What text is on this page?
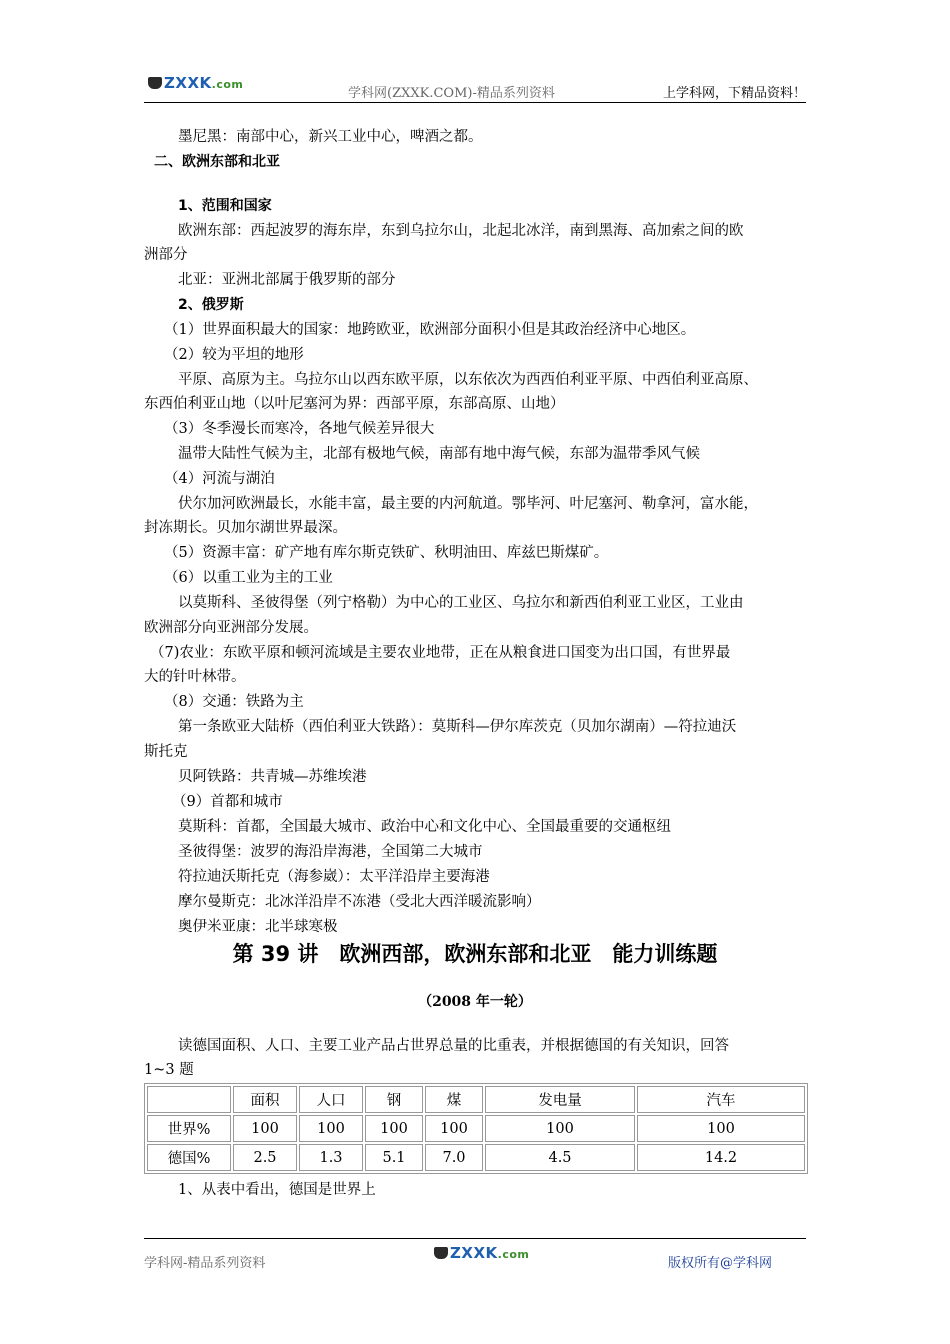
ZXXK.com
学科网(ZXXK.COM)-精品系列资料	上学科网，下精品资料！
墨尼黑：南部中心，新兴工业中心，啤酒之都。
二、欧洲东部和北亚
1、范围和国家
欧洲东部：西起波罗的海东岸，东到乌拉尔山，北起北冰洋，南到黑海、高加索之间的欧
洲部分
北亚：亚洲北部属于俄罗斯的部分
2、俄罗斯
（1）世界面积最大的国家：地跨欧亚，欧洲部分面积小但是其政治经济中心地区。
（2）较为平坦的地形
平原、高原为主。乌拉尔山以西东欧平原，以东依次为西西伯利亚平原、中西伯利亚高原、
东西伯利亚山地（以叶尼塞河为界：西部平原，东部高原、山地）
（3）冬季漫长而寒冷，各地气候差异很大
温带大陆性气候为主，北部有极地气候，南部有地中海气候，东部为温带季风气候
（4）河流与湖泊
伏尔加河欧洲最长，水能丰富，最主要的内河航道。鄂毕河、叶尼塞河、勒拿河，富水能，
封冻期长。贝加尔湖世界最深。
（5）资源丰富：矿产地有库尔斯克铁矿、秋明油田、库兹巴斯煤矿。
（6）以重工业为主的工业
以莫斯科、圣彼得堡（列宁格勒）为中心的工业区、乌拉尔和新西伯利亚工业区，工业由
欧洲部分向亚洲部分发展。
（7)农业：东欧平原和顿河流域是主要农业地带，正在从粮食进口国变为出口国，有世界最
大的针叶林带。
（8）交通：铁路为主
第一条欧亚大陆桥（西伯利亚大铁路）：莫斯科—伊尔库茨克（贝加尔湖南）—符拉迪沃
斯托克
贝阿铁路：共青城—苏维埃港
（9）首都和城市
莫斯科：首都，全国最大城市、政治中心和文化中心、全国最重要的交通枢纽
圣彼得堡：波罗的海沿岸海港，全国第二大城市
符拉迪沃斯托克（海参崴）：太平洋沿岸主要海港
摩尔曼斯克：北冰洋沿岸不冻港（受北大西洋暖流影响）
奥伊米亚康：北半球寒极
第 39 讲　欧洲西部，欧洲东部和北亚　能力训练题
（2008 年一轮）
读德国面积、人口、主要工业产品占世界总量的比重表，并根据德国的有关知识，回答
1~3 题
	面积	人口	钢	煤	发电量	汽车
世界%	100	100	100	100	100	100
德国%	2.5	1.3	5.1	7.0	4.5	14.2
1、从表中看出，德国是世界上
学科网-精品系列资料
ZXXK.com
版权所有@学科网
